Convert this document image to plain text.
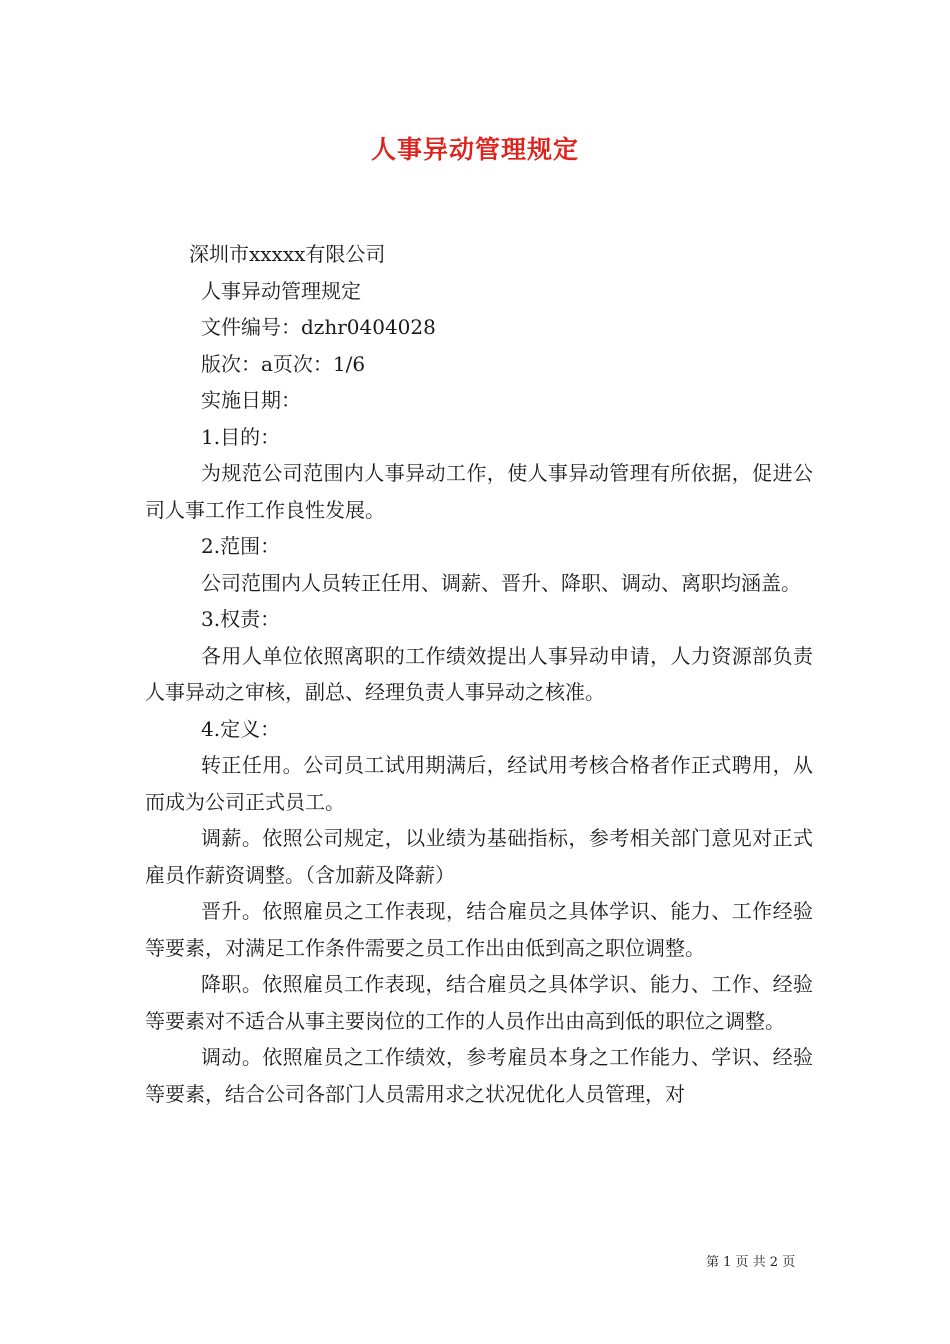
人事异动管理规定
深圳市xxxxx有限公司
人事异动管理规定
文件编号：dzhr0404028
版次：a页次：1/6
实施日期：
1.目的：

为规范公司范围内人事异动工作，使人事异动管理有所依据，促进公司人事工作工作良性发展。

2.范围：

公司范围内人员转正任用、调薪、晋升、降职、调动、离职均涵盖。

3.权责：

各用人单位依照离职的工作绩效提出人事异动申请，人力资源部负责人事异动之审核，副总、经理负责人事异动之核准。

4.定义：

转正任用。公司员工试用期满后，经试用考核合格者作正式聘用，从而成为公司正式员工。

调薪。依照公司规定，以业绩为基础指标，参考相关部门意见对正式雇员作薪资调整。（含加薪及降薪）

晋升。依照雇员之工作表现，结合雇员之具体学识、能力、工作经验等要素，对满足工作条件需要之员工作出由低到高之职位调整。

降职。依照雇员工作表现，结合雇员之具体学识、能力、工作、经验等要素对不适合从事主要岗位的工作的人员作出由高到低的职位之调整。

调动。依照雇员之工作绩效，参考雇员本身之工作能力、学识、经验等要素，结合公司各部门人员需用求之状况优化人员管理，对

第 1 页 共 2 页
